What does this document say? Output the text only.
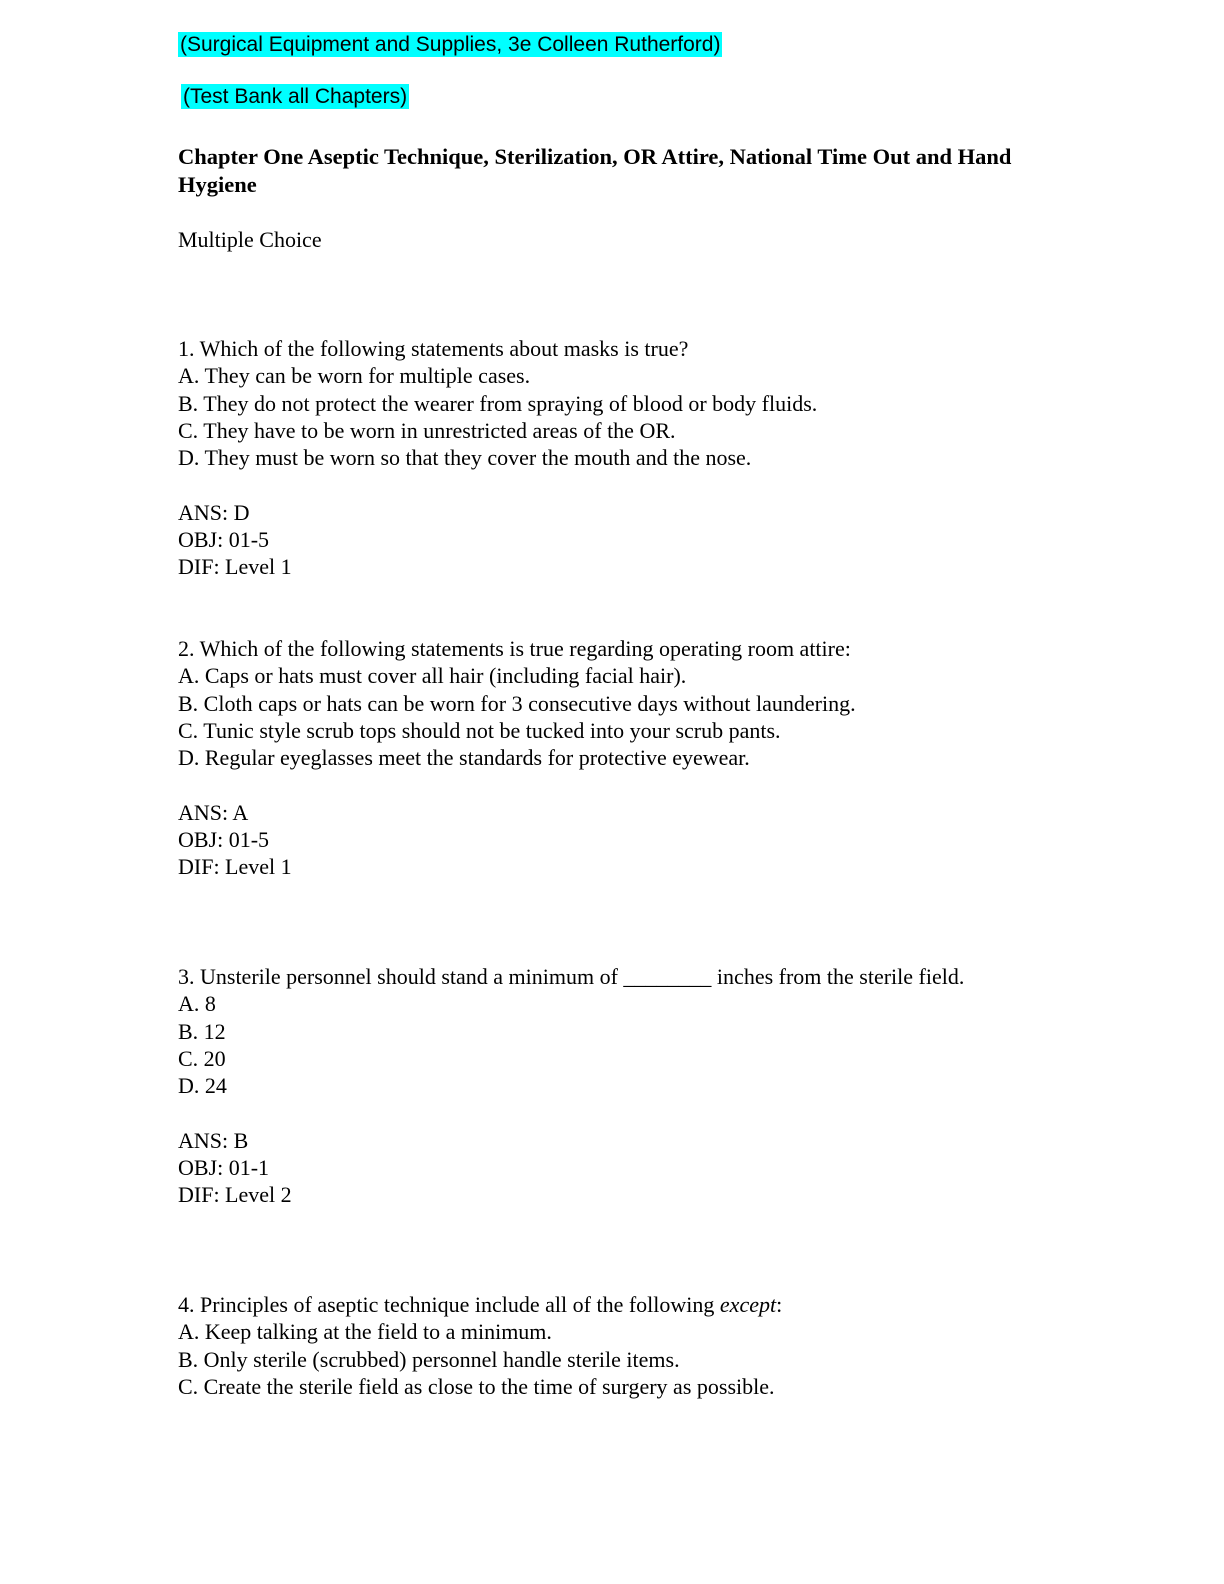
(Surgical Equipment and Supplies, 3e Colleen Rutherford)
(Test Bank all Chapters)
Chapter One Aseptic Technique, Sterilization, OR Attire, National Time Out and Hand Hygiene
Multiple Choice
1. Which of the following statements about masks is true?
A. They can be worn for multiple cases.
B. They do not protect the wearer from spraying of blood or body fluids.
C. They have to be worn in unrestricted areas of the OR.
D. They must be worn so that they cover the mouth and the nose.
ANS: D
OBJ: 01-5
DIF: Level 1
2. Which of the following statements is true regarding operating room attire:
A. Caps or hats must cover all hair (including facial hair).
B. Cloth caps or hats can be worn for 3 consecutive days without laundering.
C. Tunic style scrub tops should not be tucked into your scrub pants.
D. Regular eyeglasses meet the standards for protective eyewear.
ANS: A
OBJ: 01-5
DIF: Level 1
3. Unsterile personnel should stand a minimum of ________ inches from the sterile field.
A. 8
B. 12
C. 20
D. 24
ANS: B
OBJ: 01-1
DIF: Level 2
4. Principles of aseptic technique include all of the following except:
A. Keep talking at the field to a minimum.
B. Only sterile (scrubbed) personnel handle sterile items.
C. Create the sterile field as close to the time of surgery as possible.
